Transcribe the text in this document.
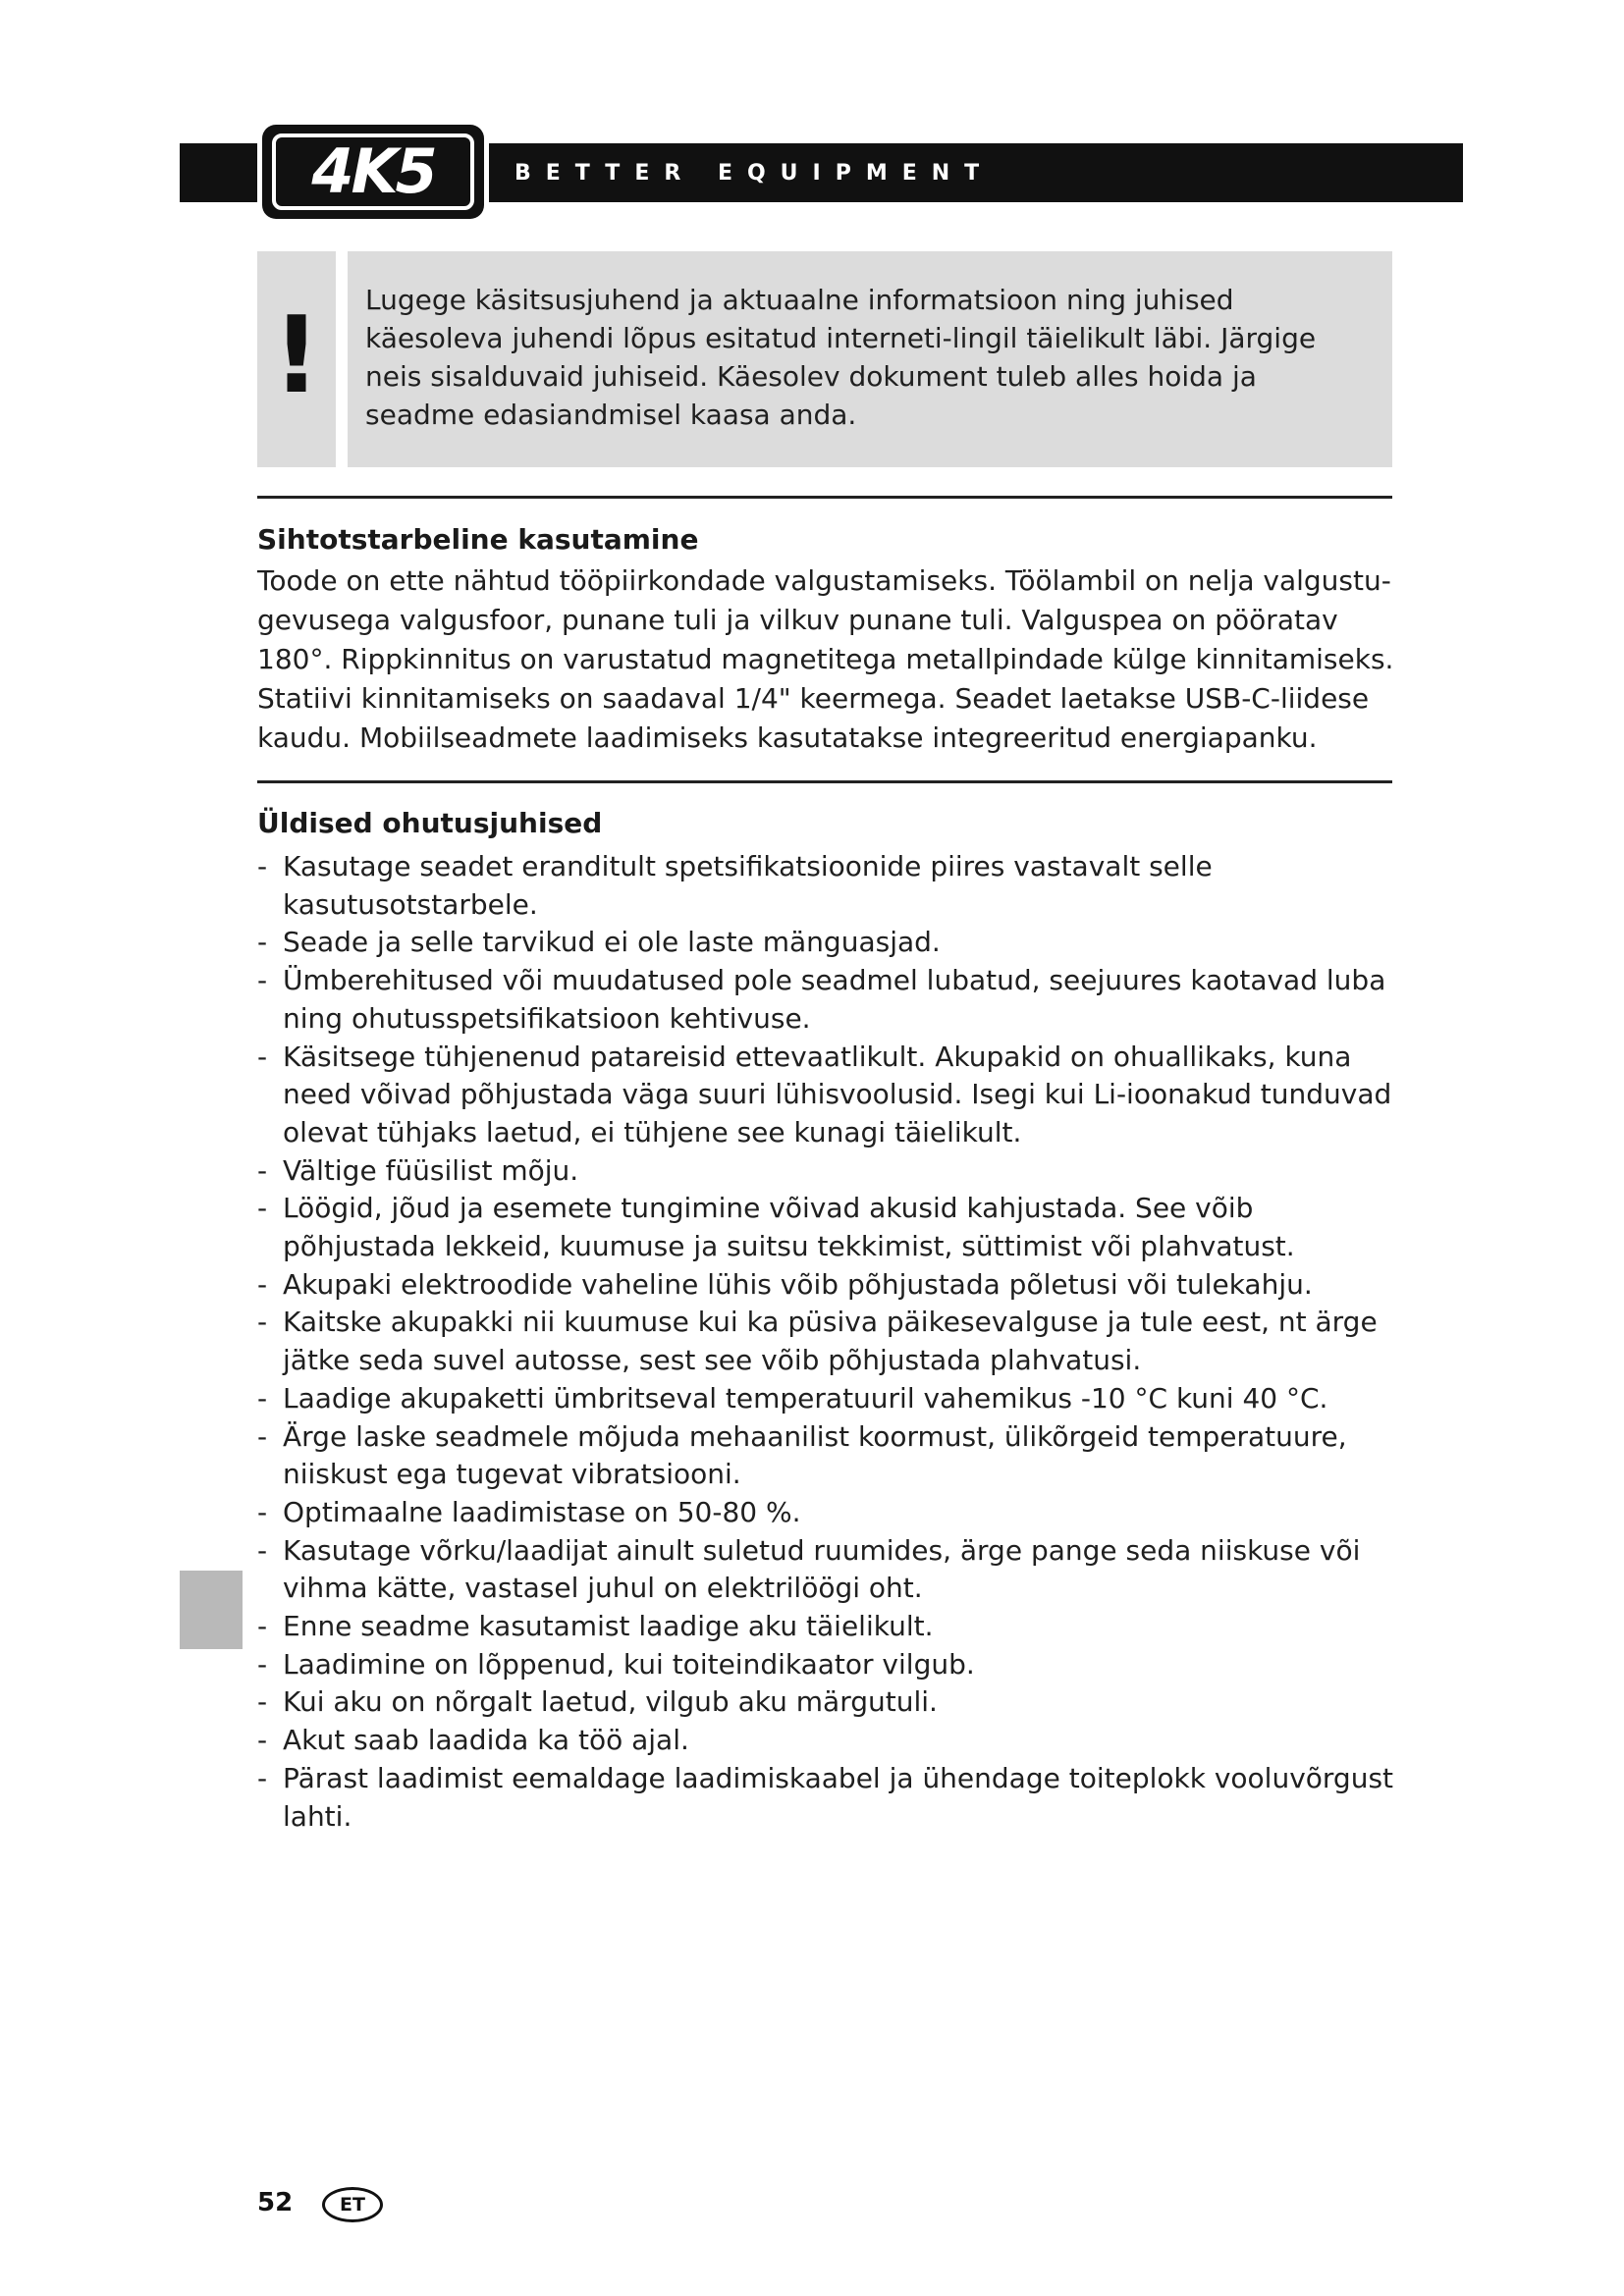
4K5	BETTER EQUIPMENT
!	Lugege käsitsusjuhend ja aktuaalne informatsioon ning juhised käesoleva juhendi lõpus esitatud interneti-lingil täielikult läbi. Järgige neis sisalduvaid juhiseid. Käesolev dokument tuleb alles hoida ja seadme edasiandmisel kaasa anda.
Sihtotstarbeline kasutamine
Toode on ette nähtud tööpiirkondade valgustamiseks. Töölambil on nelja valgustu-gevusega valgusfoor, punane tuli ja vilkuv punane tuli. Valguspea on pööratav 180°. Rippkinnitus on varustatud magnetitega metallpindade külge kinnitamiseks. Statiivi kinnitamiseks on saadaval 1/4" keermega. Seadet laetakse USB-C-liidese kaudu. Mobiilseadmete laadimiseks kasutatakse integreeritud energiapanku.
Üldised ohutusjuhised
- Kasutage seadet eranditult spetsifikatsioonide piires vastavalt selle kasutusotstarbele.
- Seade ja selle tarvikud ei ole laste mänguasjad.
- Ümberehitused või muudatused pole seadmel lubatud, seejuures kaotavad luba ning ohutusspetsifikatsioon kehtivuse.
- Käsitsege tühjenenud patareisid ettevaatlikult. Akupakid on ohuallikaks, kuna need võivad põhjustada väga suuri lühisvoolusid. Isegi kui Li-ioonakud tunduvad olevat tühjaks laetud, ei tühjene see kunagi täielikult.
- Vältige füüsilist mõju.
- Löögid, jõud ja esemete tungimine võivad akusid kahjustada. See võib põhjustada lekkeid, kuumuse ja suitsu tekkimist, süttimist või plahvatust.
- Akupaki elektroodide vaheline lühis võib põhjustada põletusi või tulekahju.
- Kaitske akupakki nii kuumuse kui ka püsiva päikesevalguse ja tule eest, nt ärge jätke seda suvel autosse, sest see võib põhjustada plahvatusi.
- Laadige akupaketti ümbritseval temperatuuril vahemikus -10 °C kuni 40 °C.
- Ärge laske seadmele mõjuda mehaanilist koormust, ülikõrgeid temperatuure, niiskust ega tugevat vibratsiooni.
- Optimaalne laadimistase on 50-80 %.
- Kasutage võrku/laadijat ainult suletud ruumides, ärge pange seda niiskuse või vihma kätte, vastasel juhul on elektrilöögi oht.
- Enne seadme kasutamist laadige aku täielikult.
- Laadimine on lõppenud, kui toiteindikaator vilgub.
- Kui aku on nõrgalt laetud, vilgub aku märgutuli.
- Akut saab laadida ka töö ajal.
- Pärast laadimist eemaldage laadimiskaabel ja ühendage toiteplokk vooluvõrgust lahti.
52	ET
